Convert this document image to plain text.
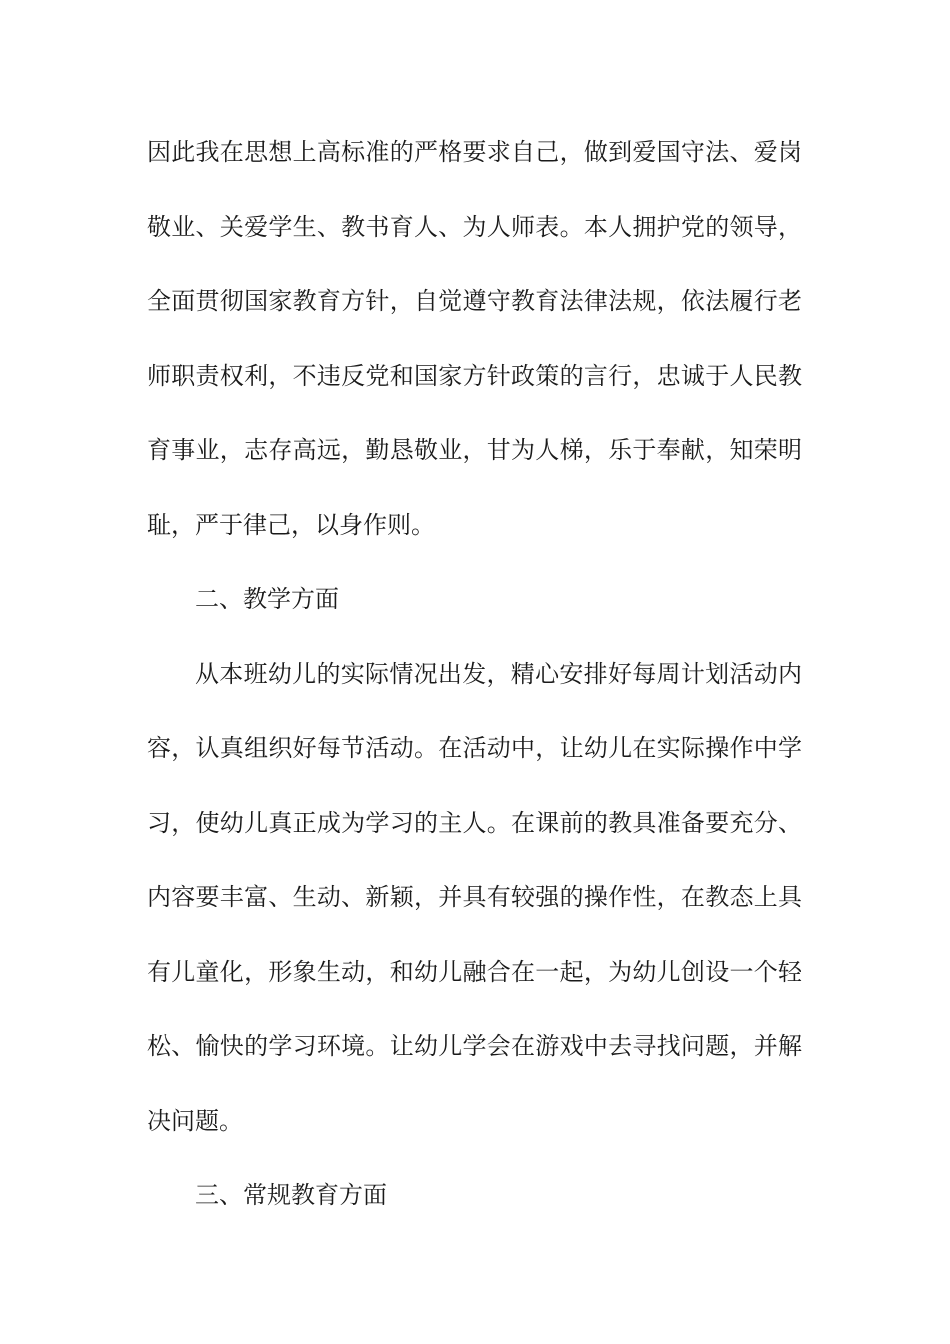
因此我在思想上高标准的严格要求自己，做到爱国守法、爱岗
敬业、关爱学生、教书育人、为人师表。本人拥护党的领导，
全面贯彻国家教育方针，自觉遵守教育法律法规，依法履行老
师职责权利，不违反党和国家方针政策的言行，忠诚于人民教
育事业，志存高远，勤恳敬业，甘为人梯，乐于奉献，知荣明
耻，严于律己，以身作则。
二、教学方面
从本班幼儿的实际情况出发，精心安排好每周计划活动内
容，认真组织好每节活动。在活动中，让幼儿在实际操作中学
习，使幼儿真正成为学习的主人。在课前的教具准备要充分、
内容要丰富、生动、新颖，并具有较强的操作性，在教态上具
有儿童化，形象生动，和幼儿融合在一起，为幼儿创设一个轻
松、愉快的学习环境。让幼儿学会在游戏中去寻找问题，并解
决问题。
三、常规教育方面
